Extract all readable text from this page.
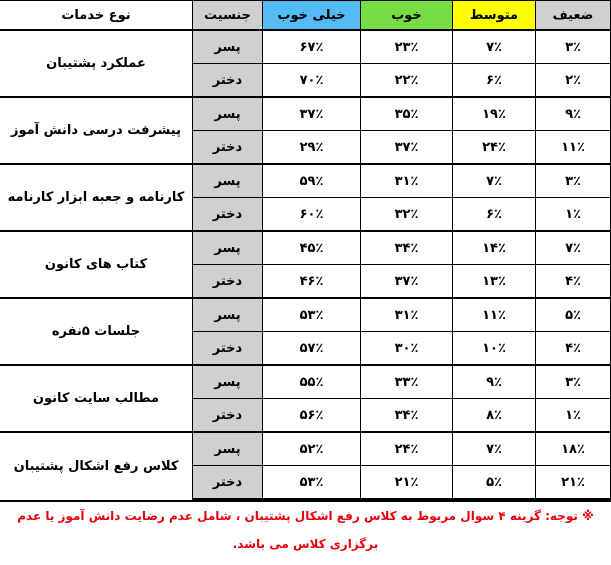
ضعیف	متوسط	خوب	خیلی خوب	جنسیت	نوع خدمات
۳٪	۷٪	۲۳٪	۶۷٪	پسر	عملکرد پشتیبان
۲٪	۶٪	۲۲٪	۷۰٪	دختر	
۹٪	۱۹٪	۳۵٪	۳۷٪	پسر	پیشرفت درسی دانش آموز
۱۱٪	۲۴٪	۳۷٪	۲۹٪	دختر	
۳٪	۷٪	۳۱٪	۵۹٪	پسر	کارنامه و جعبه ابزار کارنامه
۱٪	۶٪	۳۲٪	۶۰٪	دختر	
۷٪	۱۴٪	۳۴٪	۴۵٪	پسر	کتاب های کانون
۴٪	۱۳٪	۳۷٪	۴۶٪	دختر	
۵٪	۱۱٪	۳۱٪	۵۳٪	پسر	جلسات ۵نفره
۴٪	۱۰٪	۳۰٪	۵۷٪	دختر	
۳٪	۹٪	۳۳٪	۵۵٪	پسر	مطالب سایت کانون
۱٪	۸٪	۳۴٪	۵۶٪	دختر	
۱۸٪	۷٪	۲۴٪	۵۲٪	پسر	کلاس رفع اشکال پشتیبان
۲۱٪	۵٪	۲۱٪	۵۳٪	دختر	
※ توجه: گزینه ۴ سوال مربوط به کلاس رفع اشکال پشتیبان ، شامل عدم رضایت دانش آموز یا عدم برگزاری کلاس می باشد.
